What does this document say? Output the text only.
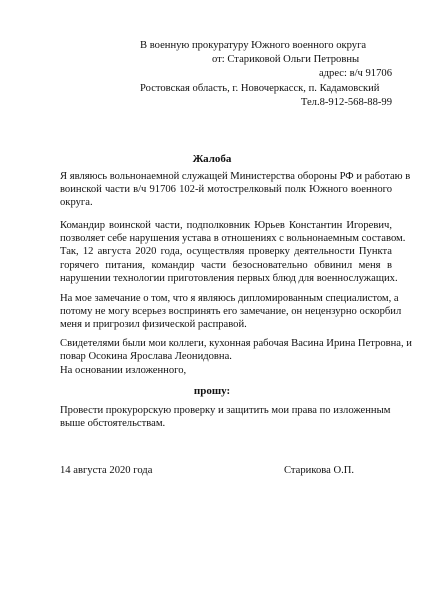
В военную прокуратуру Южного военного округа
от: Стариковой Ольги Петровны
адрес: в/ч 91706
Ростовская область, г. Новочеркасск, п. Кадамовский
Тел.8-912-568-88-99
Жалоба
Я являюсь вольнонаемной служащей Министерства обороны РФ и работаю в
воинской части в/ч 91706 102-й мотострелковый полк Южного военного
округа.
Командир воинской части, подполковник Юрьев Константин Игоревич,
позволяет себе нарушения устава в отношениях с вольнонаемным составом.
Так, 12 августа 2020 года, осуществляя проверку деятельности Пункта
горячего питания, командир части безосновательно обвинил меня в
нарушении технологии приготовления первых блюд для военнослужащих.
На мое замечание о том, что я являюсь дипломированным специалистом, а
потому не могу всерьез воспринять его замечание, он нецензурно оскорбил
меня и пригрозил физической расправой.
Свидетелями были мои коллеги, кухонная рабочая Васина Ирина Петровна, и
повар Осокина Ярослава Леонидовна.
На основании изложенного,
прошу:
Провести прокурорскую проверку и защитить мои права по изложенным
выше обстоятельствам.
14 августа 2020 года	Старикова О.П.
